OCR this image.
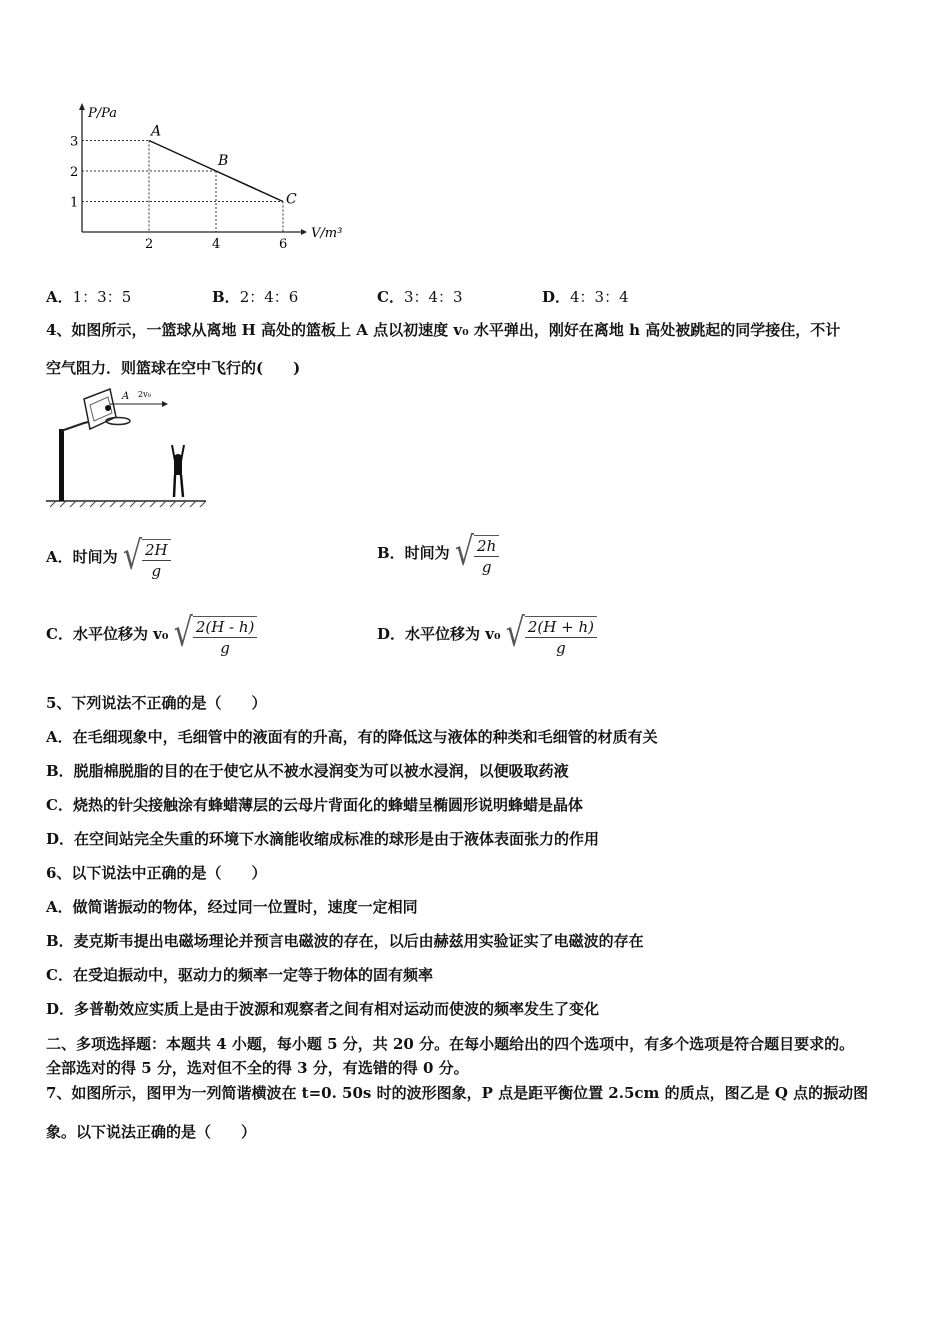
P/Pa
V/m³
3
2
1
2	4	6
A
B
C
A．1：3：5	B．2：4：6	C．3：4：3	D．4：3：4
4、如图所示，一篮球从离地 H 高处的篮板上 A 点以初速度 v₀ 水平弹出，刚好在离地 h 高处被跳起的同学接住，不计
空气阻力．则篮球在空中飞行的(　　)
A 2v₀
A．时间为 √ $\frac{2H}{g}$	B．时间为 √ $\frac{2h}{g}$
C．水平位移为 v₀ √ $\frac{2(H - h)}{g}$	D．水平位移为 v₀ √ $\frac{2(H + h)}{g}$
5、下列说法不正确的是（　　）
A．在毛细现象中，毛细管中的液面有的升高，有的降低这与液体的种类和毛细管的材质有关
B．脱脂棉脱脂的目的在于使它从不被水浸润变为可以被水浸润，以便吸取药液
C．烧热的针尖接触涂有蜂蜡薄层的云母片背面化的蜂蜡呈椭圆形说明蜂蜡是晶体
D．在空间站完全失重的环境下水滴能收缩成标准的球形是由于液体表面张力的作用
6、以下说法中正确的是（　　）
A．做简谐振动的物体，经过同一位置时，速度一定相同
B．麦克斯韦提出电磁场理论并预言电磁波的存在，以后由赫兹用实验证实了电磁波的存在
C．在受迫振动中，驱动力的频率一定等于物体的固有频率
D．多普勒效应实质上是由于波源和观察者之间有相对运动而使波的频率发生了变化
二、多项选择题：本题共 4 小题，每小题 5 分，共 20 分。在每小题给出的四个选项中，有多个选项是符合题目要求的。
全部选对的得 5 分，选对但不全的得 3 分，有选错的得 0 分。
7、如图所示，图甲为一列简谐横波在 t=0. 50s 时的波形图象，P 点是距平衡位置 2.5cm 的质点，图乙是 Q 点的振动图
象。以下说法正确的是（　　）
